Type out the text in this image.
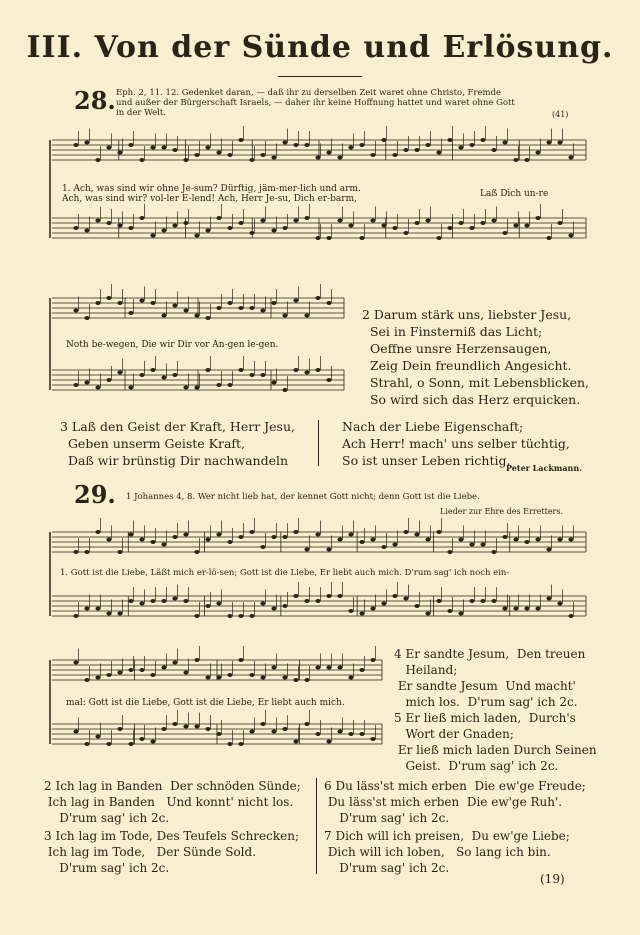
III. Von der Sünde und Erlösung.
28. Eph. 2, 11. 12. Gedenket daran, — daß ihr zu derselben Zeit waret ohne Christo, Fremde
und außer der Bürgerschaft Israels, — daher ihr keine Hoffnung hattet und waret ohne Gott
in der Welt.	(41)
1. Ach, was sind wir ohne Je-sum? Dürftig, jäm-mer-lich und arm.
Ach, was sind wir? vol-ler E-lend! Ach, Herr Je-su, Dich er-barm,	Laß Dich un-re
Noth be-wegen, Die wir Dir vor An-gen le-gen.
2 Darum stärk uns, liebster Jesu,
Sei in Finsterniß das Licht;
Oeffne unsre Herzensaugen,
Zeig Dein freundlich Angesicht.
Strahl, o Sonn, mit Lebensblicken,
So wird sich das Herz erquicken.
3 Laß den Geist der Kraft, Herr Jesu,
Geben unserm Geiste Kraft,
Daß wir brünstig Dir nachwandeln
Nach der Liebe Eigenschaft;
Ach Herr! mach' uns selber tüchtig,
So ist unser Leben richtig.
Peter Lackmann.
29. 1 Johannes 4, 8. Wer nicht lieb hat, der kennet Gott nicht; denn Gott ist die Liebe.
Lieder zur Ehre des Erretters.
1. Gott ist die Liebe, Läßt mich er-lö-sen; Gott ist die Liebe, Er liebt auch mich. D'rum sag' ich noch ein-
mal: Gott ist die Liebe, Gott ist die Liebe, Er liebt auch mich.
4 Er sandte Jesum,  Den treuen
Heiland;
Er sandte Jesum  Und macht'
mich los.  D'rum sag' ich 2c.
5 Er ließ mich laden,  Durch's
Wort der Gnaden;
Er ließ mich laden Durch Seinen
Geist.  D'rum sag' ich 2c.
2 Ich lag in Banden  Der schnöden Sünde;
Ich lag in Banden   Und konnt' nicht los.
D'rum sag' ich 2c.
6 Du läss'st mich erben  Die ew'ge Freude;
Du läss'st mich erben  Die ew'ge Ruh'.
D'rum sag' ich 2c.
3 Ich lag im Tode, Des Teufels Schrecken;
Ich lag im Tode,   Der Sünde Sold.
D'rum sag' ich 2c.
7 Dich will ich preisen,  Du ew'ge Liebe;
Dich will ich loben,   So lang ich bin.
D'rum sag' ich 2c.
(19)
